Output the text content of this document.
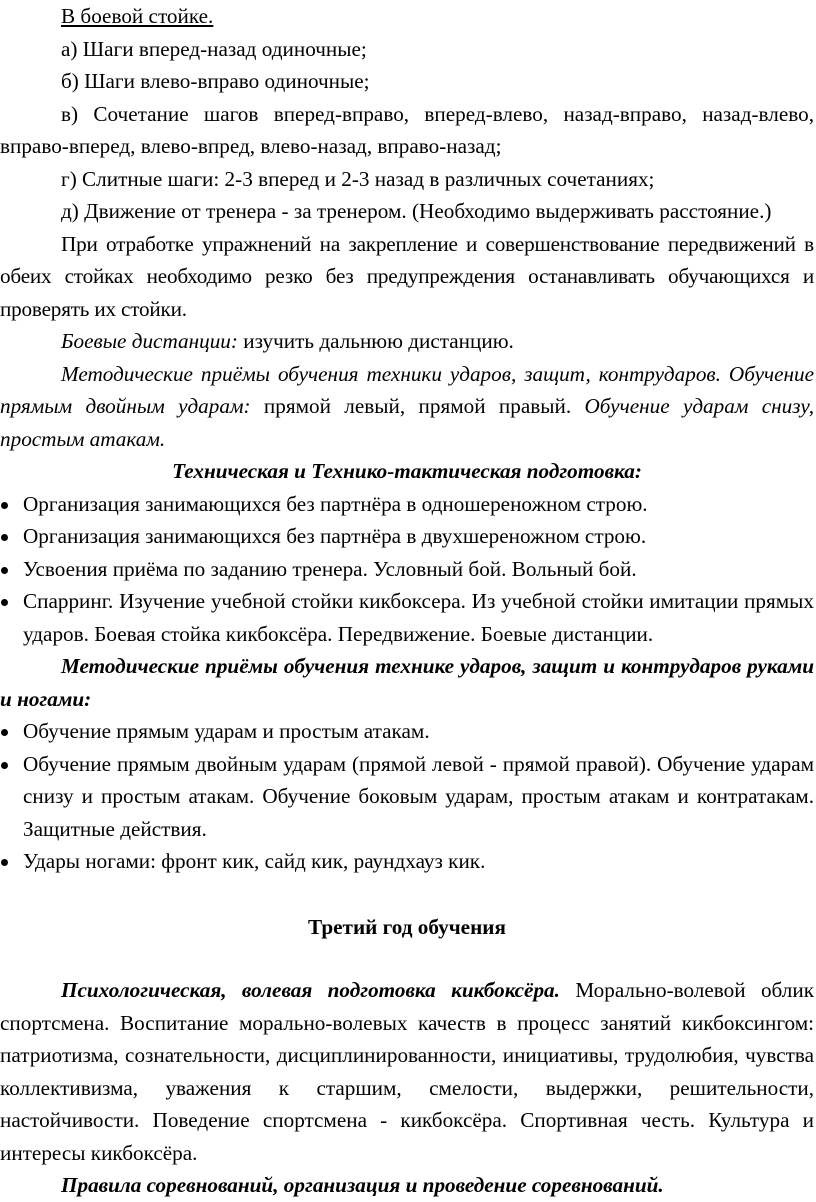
В боевой стойке.

а) Шаги вперед-назад одиночные;

б) Шаги влево-вправо одиночные;

в) Сочетание шагов вперед-вправо, вперед-влево, назад-вправо, назад-влево, вправо-вперед, влево-впред, влево-назад, вправо-назад;

г) Слитные шаги: 2-3 вперед и 2-3 назад в различных сочетаниях;

д) Движение от тренера - за тренером. (Необходимо выдерживать расстояние.)

При отработке упражнений на закрепление и совершенствование передвижений в обеих стойках необходимо резко без предупреждения останавливать обучающихся и проверять их стойки.

Боевые дистанции: изучить дальнюю дистанцию.

Методические приёмы обучения техники ударов, защит, контрударов. Обучение прямым двойным ударам: прямой левый, прямой правый. Обучение ударам снизу, простым атакам.

Техническая и Технико-тактическая подготовка:

Организация занимающихся без партнёра в одношереножном строю.
Организация занимающихся без партнёра в двухшереножном строю.
Усвоения приёма по заданию тренера. Условный бой. Вольный бой.
Спарринг. Изучение учебной стойки кикбоксера. Из учебной стойки имитации прямых ударов. Боевая стойка кикбоксёра. Передвижение. Боевые дистанции.

Методические приёмы обучения технике ударов, защит и контрударов руками и ногами:

Обучение прямым ударам и простым атакам.
Обучение прямым двойным ударам (прямой левой - прямой правой). Обучение ударам снизу и простым атакам. Обучение боковым ударам, простым атакам и контратакам. Защитные действия.
Удары ногами: фронт кик, сайд кик, раундхауз кик.

Третий год обучения

Психологическая, волевая подготовка кикбоксёра. Морально-волевой облик спортсмена. Воспитание морально-волевых качеств в процесс занятий кикбоксингом: патриотизма, сознательности, дисциплинированности, инициативы, трудолюбия, чувства коллективизма, уважения к старшим, смелости, выдержки, решительности, настойчивости. Поведение спортсмена - кикбоксёра. Спортивная честь. Культура и интересы кикбоксёра.

Правила соревнований, организация и проведение соревнований.
